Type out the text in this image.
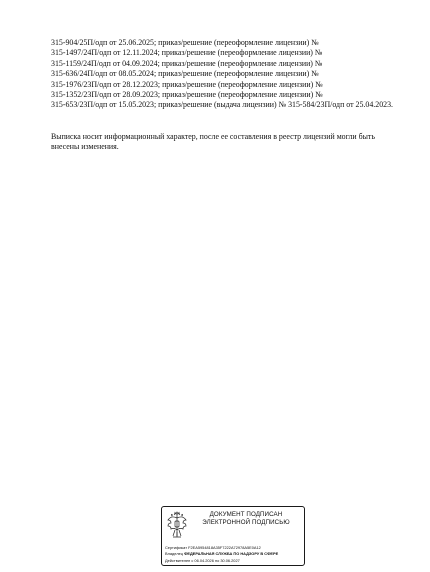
315-904/25П/одп от 25.06.2025; приказ/решение (переоформление лицензии) №
315-1497/24П/одп от 12.11.2024; приказ/решение (переоформление лицензии) №
315-1159/24П/одп от 04.09.2024; приказ/решение (переоформление лицензии) №
315-636/24П/одп от 08.05.2024; приказ/решение (переоформление лицензии) №
315-1976/23П/одп от 28.12.2023; приказ/решение (переоформление лицензии) №
315-1352/23П/одп от 28.09.2023; приказ/решение (переоформление лицензии) №
315-653/23П/одп от 15.05.2023; приказ/решение (выдача лицензии) № 315-584/23П/одп от 25.04.2023.
Выписка носит информационный характер, после ее составления в реестр лицензий могли быть внесены изменения.
ДОКУМЕНТ ПОДПИСАН
ЭЛЕКТРОННОЙ ПОДПИСЬЮ
Сертификат F2EA5954818A35F7222A72978A5E0A12
Владелец ФЕДЕРАЛЬНАЯ СЛУЖБА ПО НАДЗОРУ В СФЕРЕ
Действителен с 06.04.2026 по 30.06.2027
